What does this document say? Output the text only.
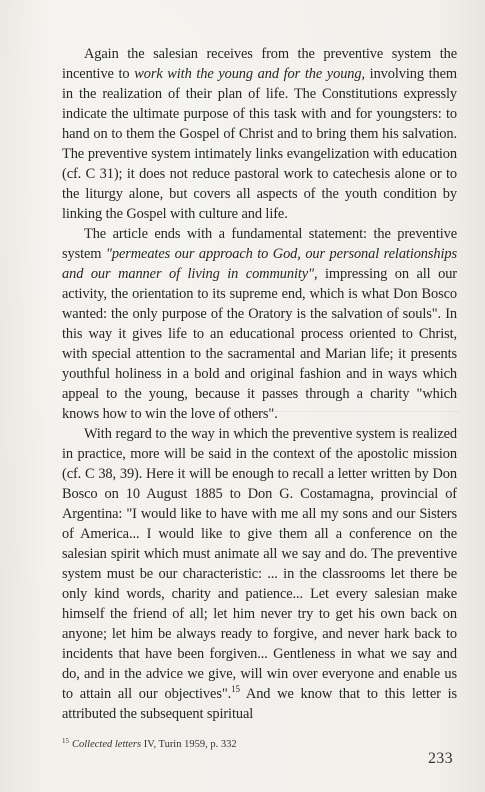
Again the salesian receives from the preventive system the incentive to work with the young and for the young, involving them in the realization of their plan of life. The Constitutions expressly indicate the ultimate purpose of this task with and for youngsters: to hand on to them the Gospel of Christ and to bring them his salvation. The preventive system intimately links evangelization with education (cf. C 31); it does not reduce pastoral work to catechesis alone or to the liturgy alone, but covers all aspects of the youth condition by linking the Gospel with culture and life.

The article ends with a fundamental statement: the preventive system "permeates our approach to God, our personal relationships and our manner of living in community", impressing on all our activity, the orientation to its supreme end, which is what Don Bosco wanted: the only purpose of the Oratory is the salvation of souls". In this way it gives life to an educational process oriented to Christ, with special attention to the sacramental and Marian life; it presents youthful holiness in a bold and original fashion and in ways which appeal to the young, because it passes through a charity "which knows how to win the love of others".

With regard to the way in which the preventive system is realized in practice, more will be said in the context of the apostolic mission (cf. C 38, 39). Here it will be enough to recall a letter written by Don Bosco on 10 August 1885 to Don G. Costamagna, provincial of Argentina: "I would like to have with me all my sons and our Sisters of America... I would like to give them all a conference on the salesian spirit which must animate all we say and do. The preventive system must be our characteristic: ... in the classrooms let there be only kind words, charity and patience... Let every salesian make himself the friend of all; let him never try to get his own back on anyone; let him be always ready to forgive, and never hark back to incidents that have been forgiven... Gentleness in what we say and do, and in the advice we give, will win over everyone and enable us to attain all our objectives".$^{15}$ And we know that to this letter is attributed the subsequent spiritual

$^{15}$ Collected letters IV, Turin 1959, p. 332
233
